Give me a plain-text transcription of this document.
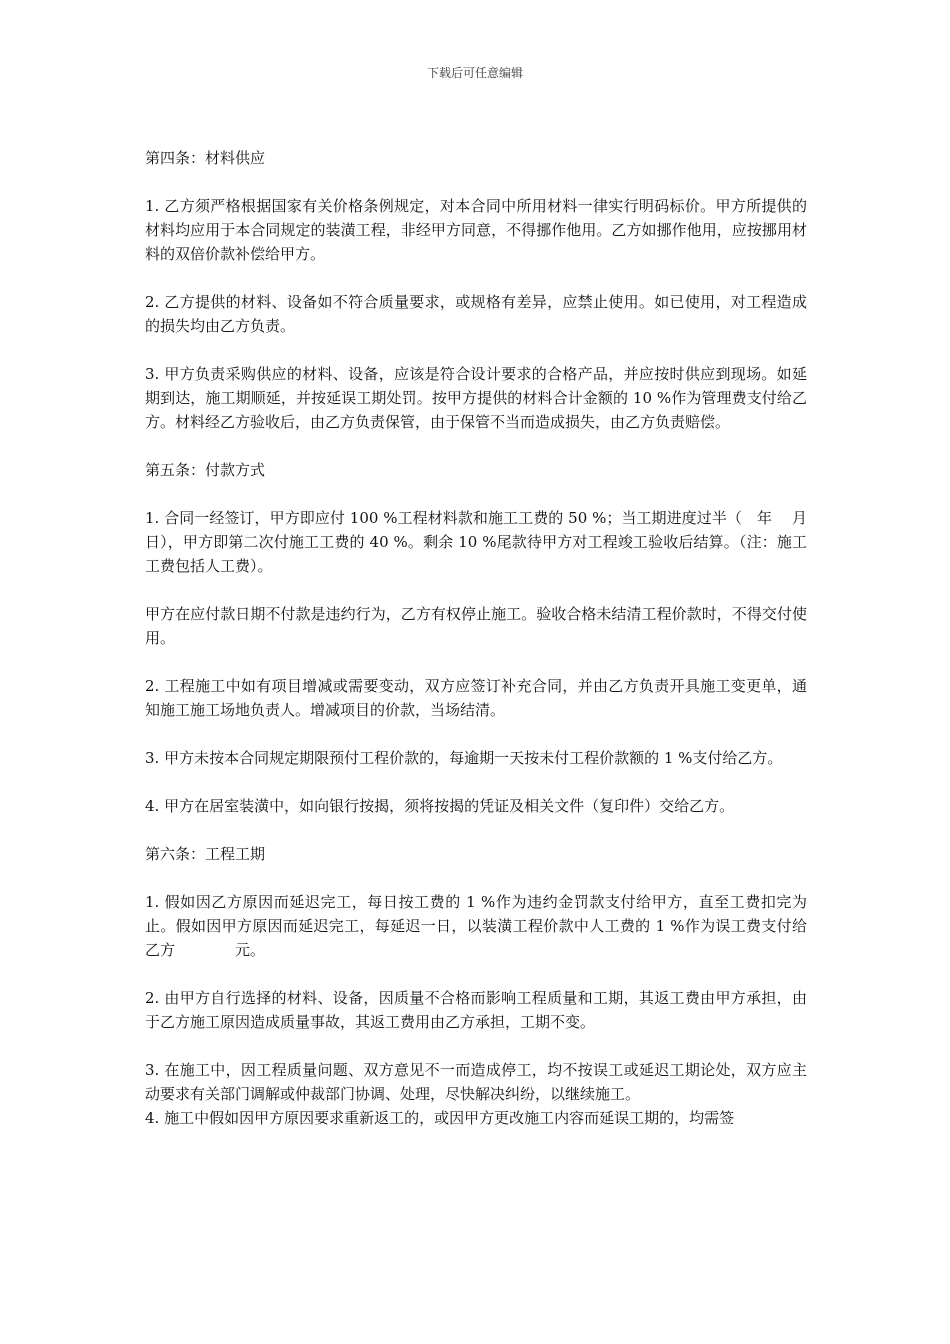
下载后可任意编辑

第四条：材料供应

1. 乙方须严格根据国家有关价格条例规定，对本合同中所用材料一律实行明码标价。甲方所提供的材料均应用于本合同规定的装潢工程，非经甲方同意，不得挪作他用。乙方如挪作他用，应按挪用材料的双倍价款补偿给甲方。

2. 乙方提供的材料、设备如不符合质量要求，或规格有差异，应禁止使用。如已使用，对工程造成的损失均由乙方负责。

3. 甲方负责采购供应的材料、设备，应该是符合设计要求的合格产品，并应按时供应到现场。如延期到达，施工期顺延，并按延误工期处罚。按甲方提供的材料合计金额的 10 %作为管理费支付给乙方。材料经乙方验收后，由乙方负责保管，由于保管不当而造成损失，由乙方负责赔偿。

第五条：付款方式

1. 合同一经签订，甲方即应付 100 %工程材料款和施工工费的 50 %；当工期进度过半（　年　 月　 日），甲方即第二次付施工工费的 40 %。剩余 10 %尾款待甲方对工程竣工验收后结算。（注：施工工费包括人工费）。

甲方在应付款日期不付款是违约行为，乙方有权停止施工。验收合格未结清工程价款时，不得交付使用。

2. 工程施工中如有项目增减或需要变动，双方应签订补充合同，并由乙方负责开具施工变更单，通知施工施工场地负责人。增减项目的价款，当场结清。

3. 甲方未按本合同规定期限预付工程价款的，每逾期一天按未付工程价款额的 1 %支付给乙方。

4. 甲方在居室装潢中，如向银行按揭，须将按揭的凭证及相关文件（复印件）交给乙方。

第六条：工程工期

1. 假如因乙方原因而延迟完工，每日按工费的 1 %作为违约金罚款支付给甲方，直至工费扣完为止。假如因甲方原因而延迟完工，每延迟一日，以装潢工程价款中人工费的 1 %作为误工费支付给乙方　　　　元。

2. 由甲方自行选择的材料、设备，因质量不合格而影响工程质量和工期，其返工费由甲方承担，由于乙方施工原因造成质量事故，其返工费用由乙方承担，工期不变。

3. 在施工中，因工程质量问题、双方意见不一而造成停工，均不按误工或延迟工期论处，双方应主动要求有关部门调解或仲裁部门协调、处理，尽快解决纠纷，以继续施工。

4. 施工中假如因甲方原因要求重新返工的，或因甲方更改施工内容而延误工期的，均需签
